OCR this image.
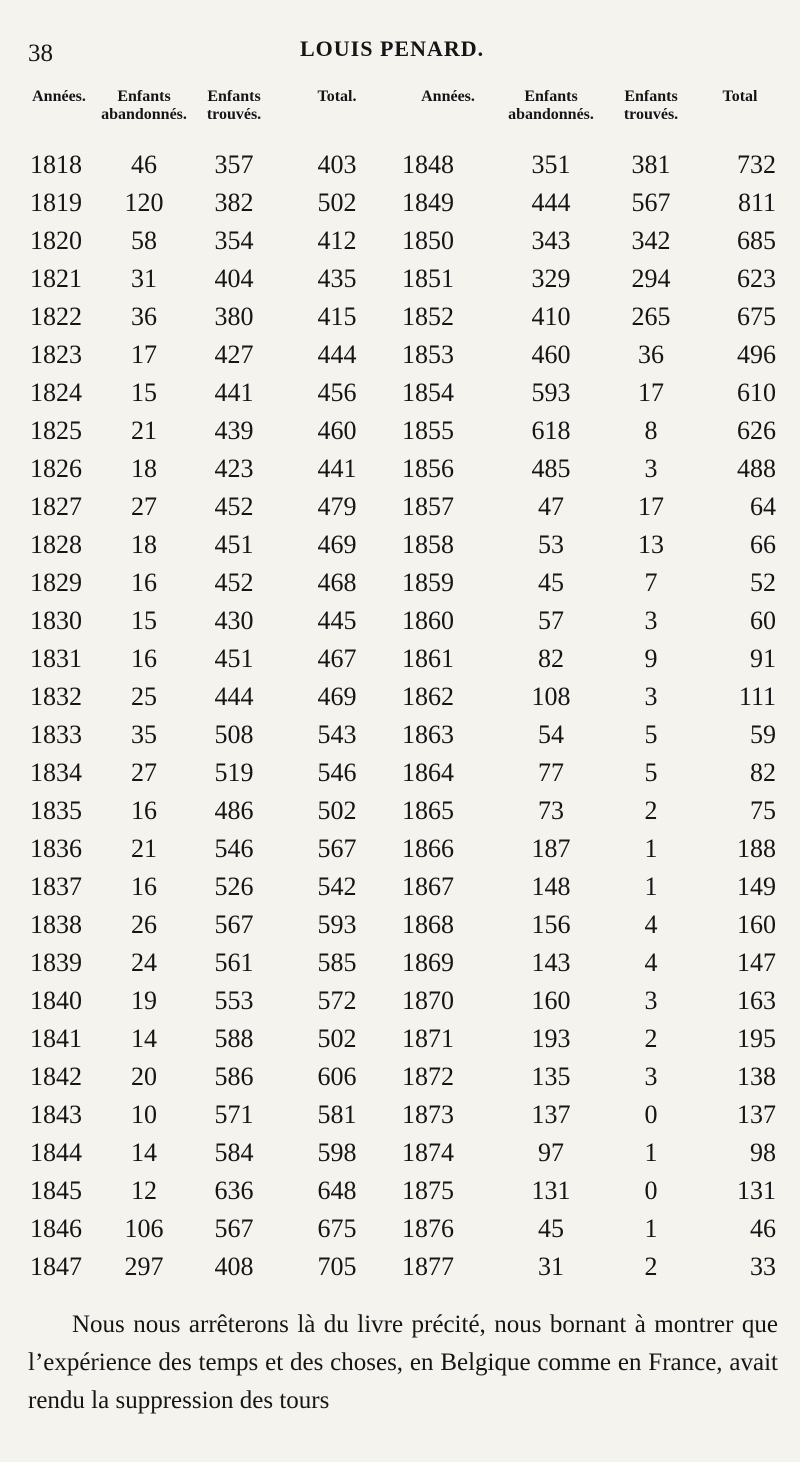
38	LOUIS PENARD.
Années.	Enfants abandonnés.	Enfants trouvés.	Total.	Années.	Enfants abandonnés.	Enfants trouvés.	Total
1818	46	357	403	1848	351	381	732
1819	120	382	502	1849	444	567	811
1820	58	354	412	1850	343	342	685
1821	31	404	435	1851	329	294	623
1822	36	380	415	1852	410	265	675
1823	17	427	444	1853	460	36	496
1824	15	441	456	1854	593	17	610
1825	21	439	460	1855	618	8	626
1826	18	423	441	1856	485	3	488
1827	27	452	479	1857	47	17	64
1828	18	451	469	1858	53	13	66
1829	16	452	468	1859	45	7	52
1830	15	430	445	1860	57	3	60
1831	16	451	467	1861	82	9	91
1832	25	444	469	1862	108	3	111
1833	35	508	543	1863	54	5	59
1834	27	519	546	1864	77	5	82
1835	16	486	502	1865	73	2	75
1836	21	546	567	1866	187	1	188
1837	16	526	542	1867	148	1	149
1838	26	567	593	1868	156	4	160
1839	24	561	585	1869	143	4	147
1840	19	553	572	1870	160	3	163
1841	14	588	502	1871	193	2	195
1842	20	586	606	1872	135	3	138
1843	10	571	581	1873	137	0	137
1844	14	584	598	1874	97	1	98
1845	12	636	648	1875	131	0	131
1846	106	567	675	1876	45	1	46
1847	297	408	705	1877	31	2	33
Nous nous arrêterons là du livre précité, nous bornant à montrer que l’expérience des temps et des choses, en Belgique comme en France, avait rendu la suppression des tours
